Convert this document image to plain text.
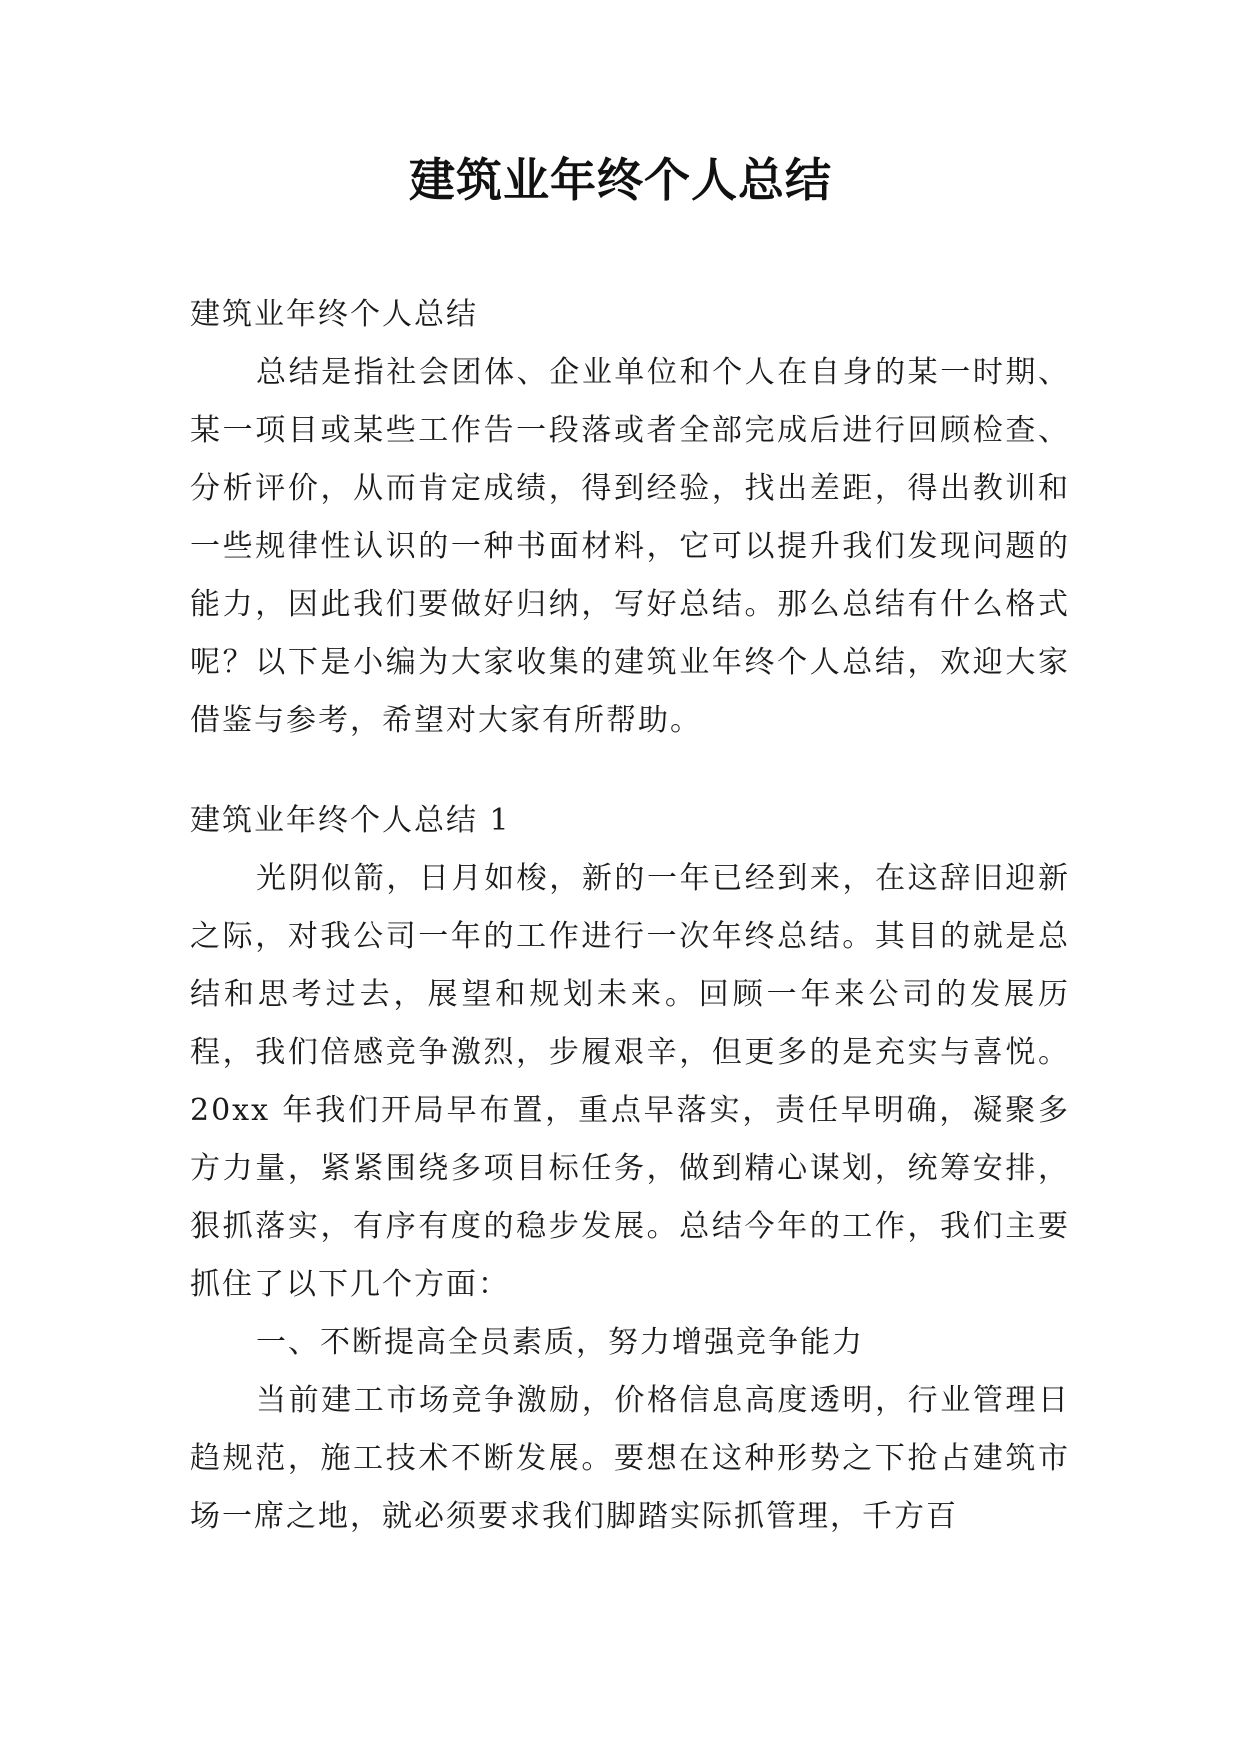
建筑业年终个人总结

建筑业年终个人总结

总结是指社会团体、企业单位和个人在自身的某一时期、某一项目或某些工作告一段落或者全部完成后进行回顾检查、分析评价，从而肯定成绩，得到经验，找出差距，得出教训和一些规律性认识的一种书面材料，它可以提升我们发现问题的能力，因此我们要做好归纳，写好总结。那么总结有什么格式呢？以下是小编为大家收集的建筑业年终个人总结，欢迎大家借鉴与参考，希望对大家有所帮助。

建筑业年终个人总结 1

光阴似箭，日月如梭，新的一年已经到来，在这辞旧迎新之际，对我公司一年的工作进行一次年终总结。其目的就是总结和思考过去，展望和规划未来。回顾一年来公司的发展历程，我们倍感竞争激烈，步履艰辛，但更多的是充实与喜悦。20xx 年我们开局早布置，重点早落实，责任早明确，凝聚多方力量，紧紧围绕多项目标任务，做到精心谋划，统筹安排，狠抓落实，有序有度的稳步发展。总结今年的工作，我们主要抓住了以下几个方面：

一、不断提高全员素质，努力增强竞争能力

当前建工市场竞争激励，价格信息高度透明，行业管理日趋规范，施工技术不断发展。要想在这种形势之下抢占建筑市场一席之地，就必须要求我们脚踏实际抓管理，千方百
